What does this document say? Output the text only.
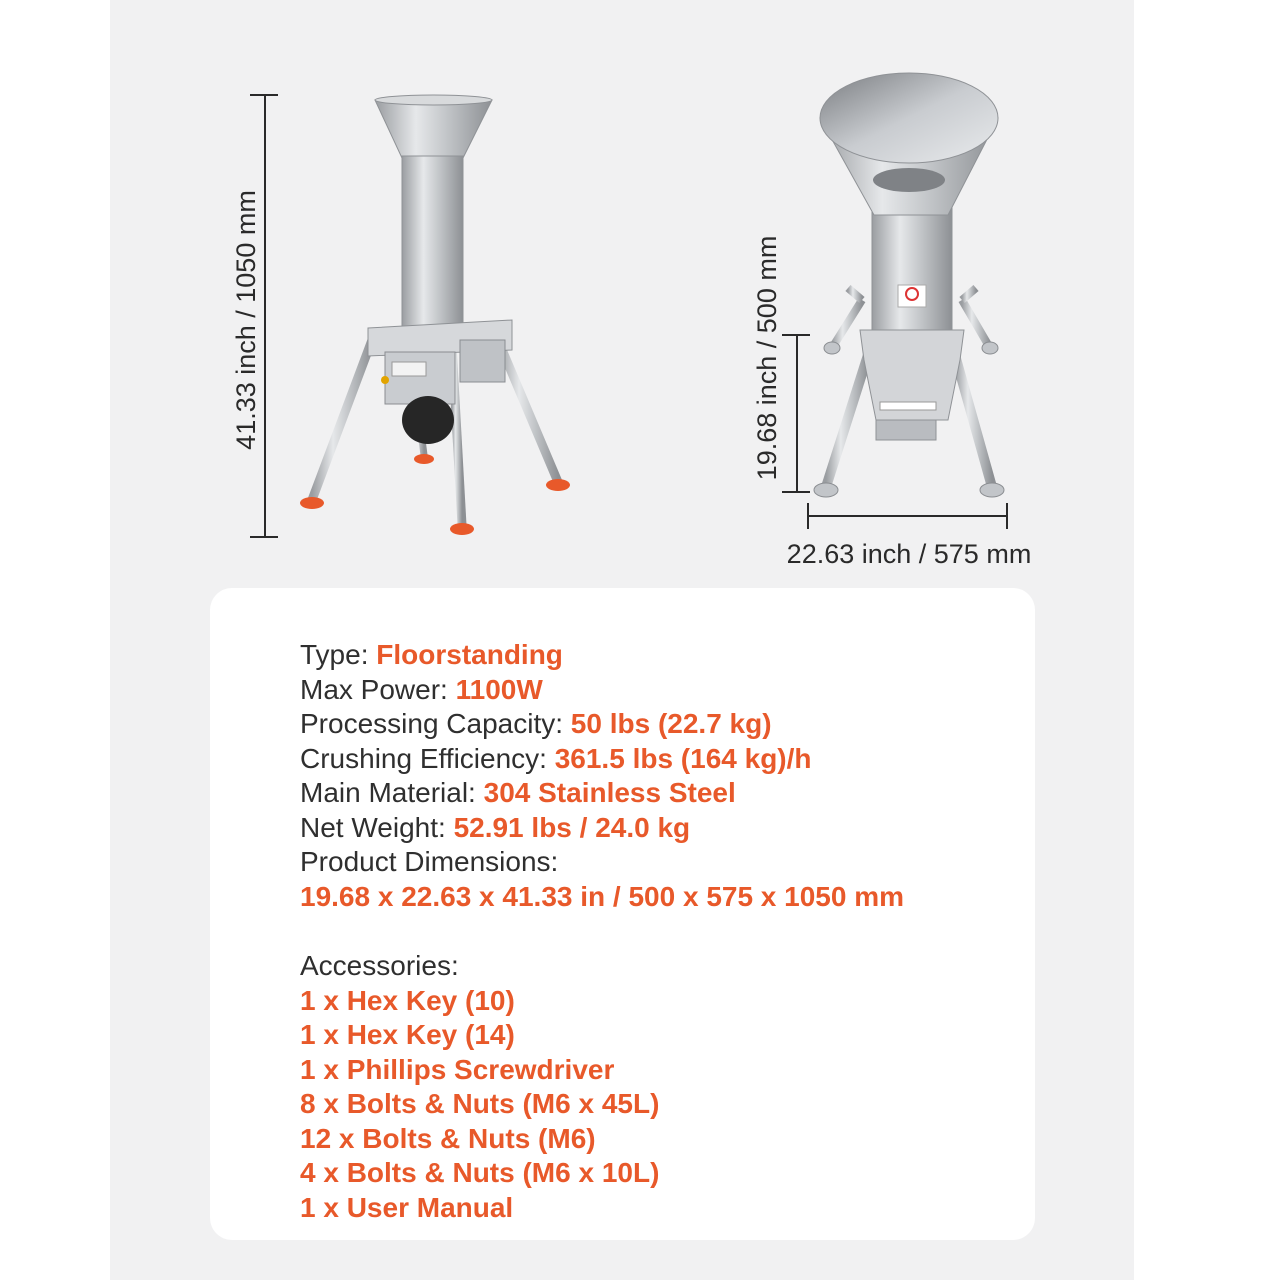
41.33 inch / 1050 mm	19.68 inch / 500 mm
22.63 inch / 575 mm
Type: Floorstanding
Max Power: 1100W
Processing Capacity: 50 lbs (22.7 kg)
Crushing Efficiency: 361.5 lbs (164 kg)/h
Main Material: 304 Stainless Steel
Net Weight: 52.91 lbs / 24.0 kg
Product Dimensions:
19.68 x 22.63 x 41.33 in / 500 x 575 x 1050 mm
Accessories:
1 x Hex Key (10)
1 x Hex Key (14)
1 x Phillips Screwdriver
8 x Bolts & Nuts (M6 x 45L)
12 x Bolts & Nuts (M6)
4 x Bolts & Nuts (M6 x 10L)
1 x User Manual
